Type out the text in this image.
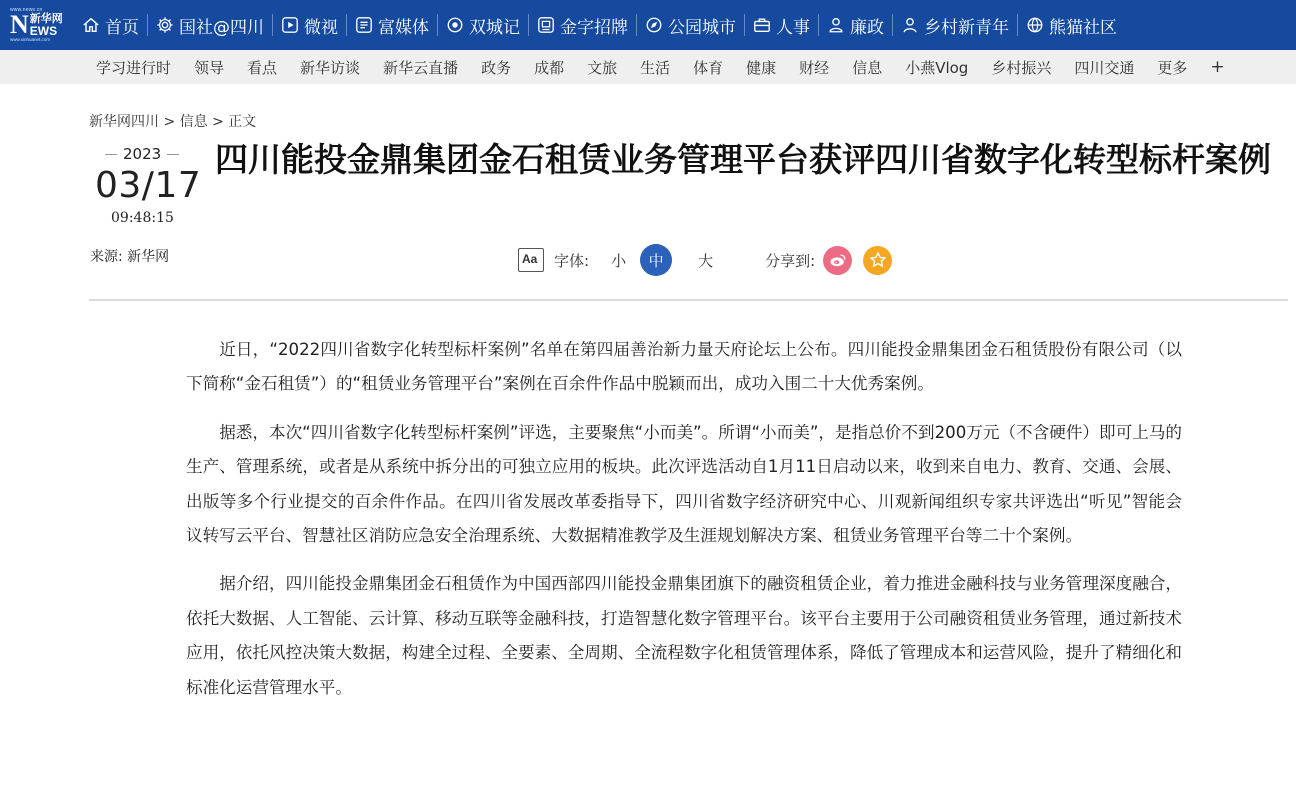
www.news.cn
N 新华网
EWS
www.xinhuanet.com
首页 国社@四川 微视 富媒体 双城记 金字招牌 公园城市 人事 廉政 乡村新青年 熊猫社区
学习进行时 领导 看点 新华访谈 新华云直播 政务 成都 文旅 生活 体育 健康 财经 信息 小燕Vlog 乡村振兴 四川交通 更多 +
新华网四川 > 信息 > 正文
2023
03/17
09:48:15
来源: 新华网
四川能投金鼎集团金石租赁业务管理平台获评四川省数字化转型标杆案例
Aa 字体: 小	中	大	分享到:

近日，“2022四川省数字化转型标杆案例”名单在第四届善治新力量天府论坛上公布。四川能投金鼎集团金石租赁股份有限公司（以下简称“金石租赁”）的“租赁业务管理平台”案例在百余件作品中脱颖而出，成功入围二十大优秀案例。

据悉，本次“四川省数字化转型标杆案例”评选，主要聚焦“小而美”。所谓“小而美”，是指总价不到200万元（不含硬件）即可上马的生产、管理系统，或者是从系统中拆分出的可独立应用的板块。此次评选活动自1月11日启动以来，收到来自电力、教育、交通、会展、出版等多个行业提交的百余件作品。在四川省发展改革委指导下，四川省数字经济研究中心、川观新闻组织专家共评选出“听见”智能会议转写云平台、智慧社区消防应急安全治理系统、大数据精准教学及生涯规划解决方案、租赁业务管理平台等二十个案例。

据介绍，四川能投金鼎集团金石租赁作为中国西部四川能投金鼎集团旗下的融资租赁企业，着力推进金融科技与业务管理深度融合，依托大数据、人工智能、云计算、移动互联等金融科技，打造智慧化数字管理平台。该平台主要用于公司融资租赁业务管理，通过新技术应用，依托风控决策大数据，构建全过程、全要素、全周期、全流程数字化租赁管理体系，降低了管理成本和运营风险，提升了精细化和标准化运营管理水平。
